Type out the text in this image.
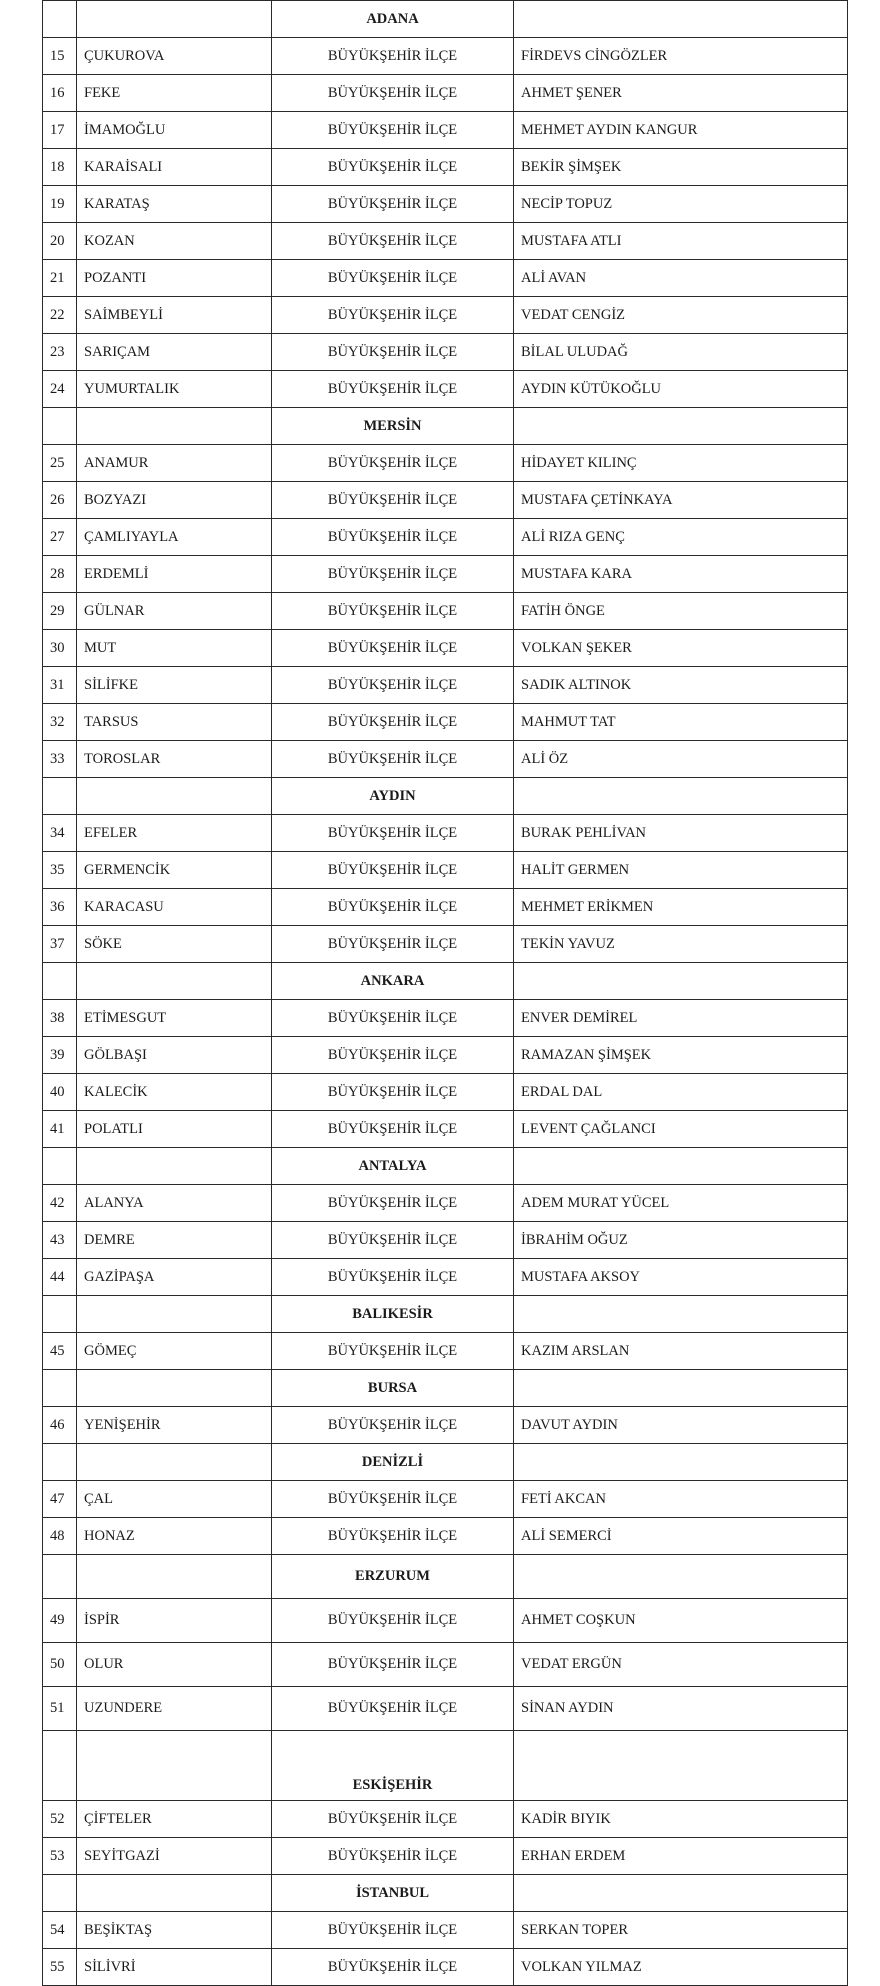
		ADANA	
15	ÇUKUROVA	BÜYÜKŞEHİR İLÇE	FİRDEVS CİNGÖZLER
16	FEKE	BÜYÜKŞEHİR İLÇE	AHMET ŞENER
17	İMAMOĞLU	BÜYÜKŞEHİR İLÇE	MEHMET AYDIN KANGUR
18	KARAİSALI	BÜYÜKŞEHİR İLÇE	BEKİR ŞİMŞEK
19	KARATAŞ	BÜYÜKŞEHİR İLÇE	NECİP TOPUZ
20	KOZAN	BÜYÜKŞEHİR İLÇE	MUSTAFA ATLI
21	POZANTI	BÜYÜKŞEHİR İLÇE	ALİ AVAN
22	SAİMBEYLİ	BÜYÜKŞEHİR İLÇE	VEDAT CENGİZ
23	SARIÇAM	BÜYÜKŞEHİR İLÇE	BİLAL ULUDAĞ
24	YUMURTALIK	BÜYÜKŞEHİR İLÇE	AYDIN KÜTÜKOĞLU
		MERSİN	
25	ANAMUR	BÜYÜKŞEHİR İLÇE	HİDAYET KILINÇ
26	BOZYAZI	BÜYÜKŞEHİR İLÇE	MUSTAFA ÇETİNKAYA
27	ÇAMLIYAYLA	BÜYÜKŞEHİR İLÇE	ALİ RIZA GENÇ
28	ERDEMLİ	BÜYÜKŞEHİR İLÇE	MUSTAFA KARA
29	GÜLNAR	BÜYÜKŞEHİR İLÇE	FATİH ÖNGE
30	MUT	BÜYÜKŞEHİR İLÇE	VOLKAN ŞEKER
31	SİLİFKE	BÜYÜKŞEHİR İLÇE	SADIK ALTINOK
32	TARSUS	BÜYÜKŞEHİR İLÇE	MAHMUT TAT
33	TOROSLAR	BÜYÜKŞEHİR İLÇE	ALİ ÖZ
		AYDIN	
34	EFELER	BÜYÜKŞEHİR İLÇE	BURAK PEHLİVAN
35	GERMENCİK	BÜYÜKŞEHİR İLÇE	HALİT GERMEN
36	KARACASU	BÜYÜKŞEHİR İLÇE	MEHMET ERİKMEN
37	SÖKE	BÜYÜKŞEHİR İLÇE	TEKİN YAVUZ
		ANKARA	
38	ETİMESGUT	BÜYÜKŞEHİR İLÇE	ENVER DEMİREL
39	GÖLBAŞI	BÜYÜKŞEHİR İLÇE	RAMAZAN ŞİMŞEK
40	KALECİK	BÜYÜKŞEHİR İLÇE	ERDAL DAL
41	POLATLI	BÜYÜKŞEHİR İLÇE	LEVENT ÇAĞLANCI
		ANTALYA	
42	ALANYA	BÜYÜKŞEHİR İLÇE	ADEM MURAT YÜCEL
43	DEMRE	BÜYÜKŞEHİR İLÇE	İBRAHİM OĞUZ
44	GAZİPAŞA	BÜYÜKŞEHİR İLÇE	MUSTAFA AKSOY
		BALIKESİR	
45	GÖMEÇ	BÜYÜKŞEHİR İLÇE	KAZIM ARSLAN
		BURSA	
46	YENİŞEHİR	BÜYÜKŞEHİR İLÇE	DAVUT AYDIN
		DENİZLİ	
47	ÇAL	BÜYÜKŞEHİR İLÇE	FETİ AKCAN
48	HONAZ	BÜYÜKŞEHİR İLÇE	ALİ SEMERCİ
		ERZURUM	
49	İSPİR	BÜYÜKŞEHİR İLÇE	AHMET COŞKUN
50	OLUR	BÜYÜKŞEHİR İLÇE	VEDAT ERGÜN
51	UZUNDERE	BÜYÜKŞEHİR İLÇE	SİNAN AYDIN
		ESKİŞEHİR	
52	ÇİFTELER	BÜYÜKŞEHİR İLÇE	KADİR BIYIK
53	SEYİTGAZİ	BÜYÜKŞEHİR İLÇE	ERHAN ERDEM
		İSTANBUL	
54	BEŞİKTAŞ	BÜYÜKŞEHİR İLÇE	SERKAN TOPER
55	SİLİVRİ	BÜYÜKŞEHİR İLÇE	VOLKAN YILMAZ
